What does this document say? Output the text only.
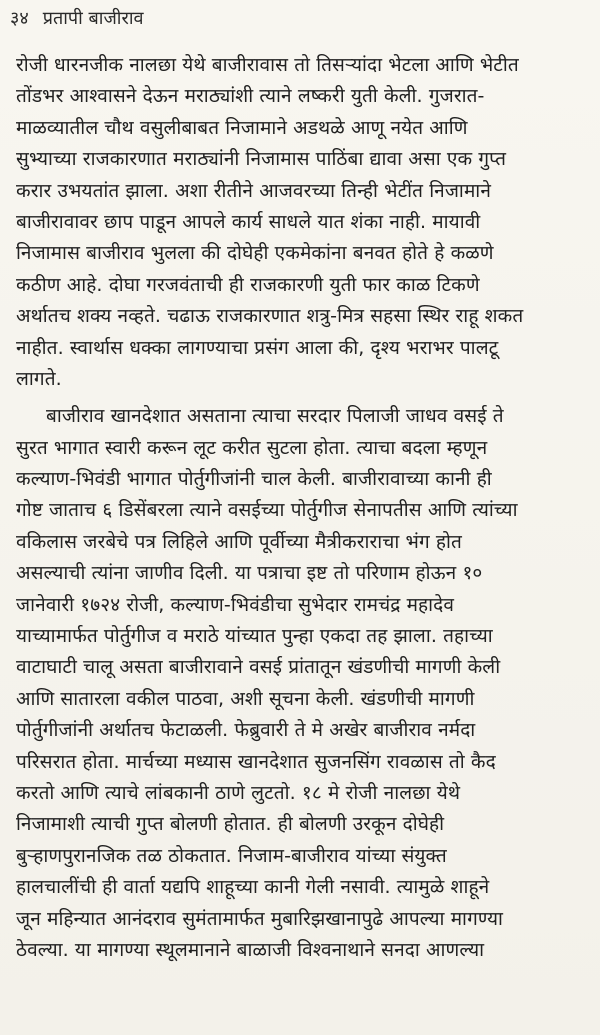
३४ प्रतापी बाजीराव
रोजी धारनजीक नालछा येथे बाजीरावास तो तिसऱ्यांदा भेटला आणि भेटीत
तोंडभर आश्वासने देऊन मराठ्यांशी त्याने लष्करी युती केली. गुजरात-
माळव्यातील चौथ वसुलीबाबत निजामाने अडथळे आणू नयेत आणि
सुभ्याच्या राजकारणात मराठ्यांनी निजामास पाठिंबा द्यावा असा एक गुप्त
करार उभयतांत झाला. अशा रीतीने आजवरच्या तिन्ही भेटींत निजामाने
बाजीरावावर छाप पाडून आपले कार्य साधले यात शंका नाही. मायावी
निजामास बाजीराव भुलला की दोघेही एकमेकांना बनवत होते हे कळणे
कठीण आहे. दोघा गरजवंताची ही राजकारणी युती फार काळ टिकणे
अर्थातच शक्य नव्हते. चढाऊ राजकारणात शत्रु-मित्र सहसा स्थिर राहू शकत
नाहीत. स्वार्थास धक्का लागण्याचा प्रसंग आला की, दृश्य भराभर पालटू
लागते.
बाजीराव खानदेशात असताना त्याचा सरदार पिलाजी जाधव वसई ते
सुरत भागात स्वारी करून लूट करीत सुटला होता. त्याचा बदला म्हणून
कल्याण-भिवंडी भागात पोर्तुगीजांनी चाल केली. बाजीरावाच्या कानी ही
गोष्ट जाताच ६ डिसेंबरला त्याने वसईच्या पोर्तुगीज सेनापतीस आणि त्यांच्या
वकिलास जरबेचे पत्र लिहिले आणि पूर्वीच्या मैत्रीकराराचा भंग होत
असल्याची त्यांना जाणीव दिली. या पत्राचा इष्ट तो परिणाम होऊन १०
जानेवारी १७२४ रोजी, कल्याण-भिवंडीचा सुभेदार रामचंद्र महादेव
याच्यामार्फत पोर्तुगीज व मराठे यांच्यात पुन्हा एकदा तह झाला. तहाच्या
वाटाघाटी चालू असता बाजीरावाने वसई प्रांतातून खंडणीची मागणी केली
आणि सातारला वकील पाठवा, अशी सूचना केली. खंडणीची मागणी
पोर्तुगीजांनी अर्थातच फेटाळली. फेब्रुवारी ते मे अखेर बाजीराव नर्मदा
परिसरात होता. मार्चच्या मध्यास खानदेशात सुजनसिंग रावळास तो कैद
करतो आणि त्याचे लांबकानी ठाणे लुटतो. १८ मे रोजी नालछा येथे
निजामाशी त्याची गुप्त बोलणी होतात. ही बोलणी उरकून दोघेही
बुऱ्हाणपुरानजिक तळ ठोकतात. निजाम-बाजीराव यांच्या संयुक्त
हालचालींची ही वार्ता यद्यपि शाहूच्या कानी गेली नसावी. त्यामुळे शाहूने
जून महिन्यात आनंदराव सुमंतामार्फत मुबारिझखानापुढे आपल्या मागण्या
ठेवल्या. या मागण्या स्थूलमानाने बाळाजी विश्वनाथाने सनदा आणल्या
